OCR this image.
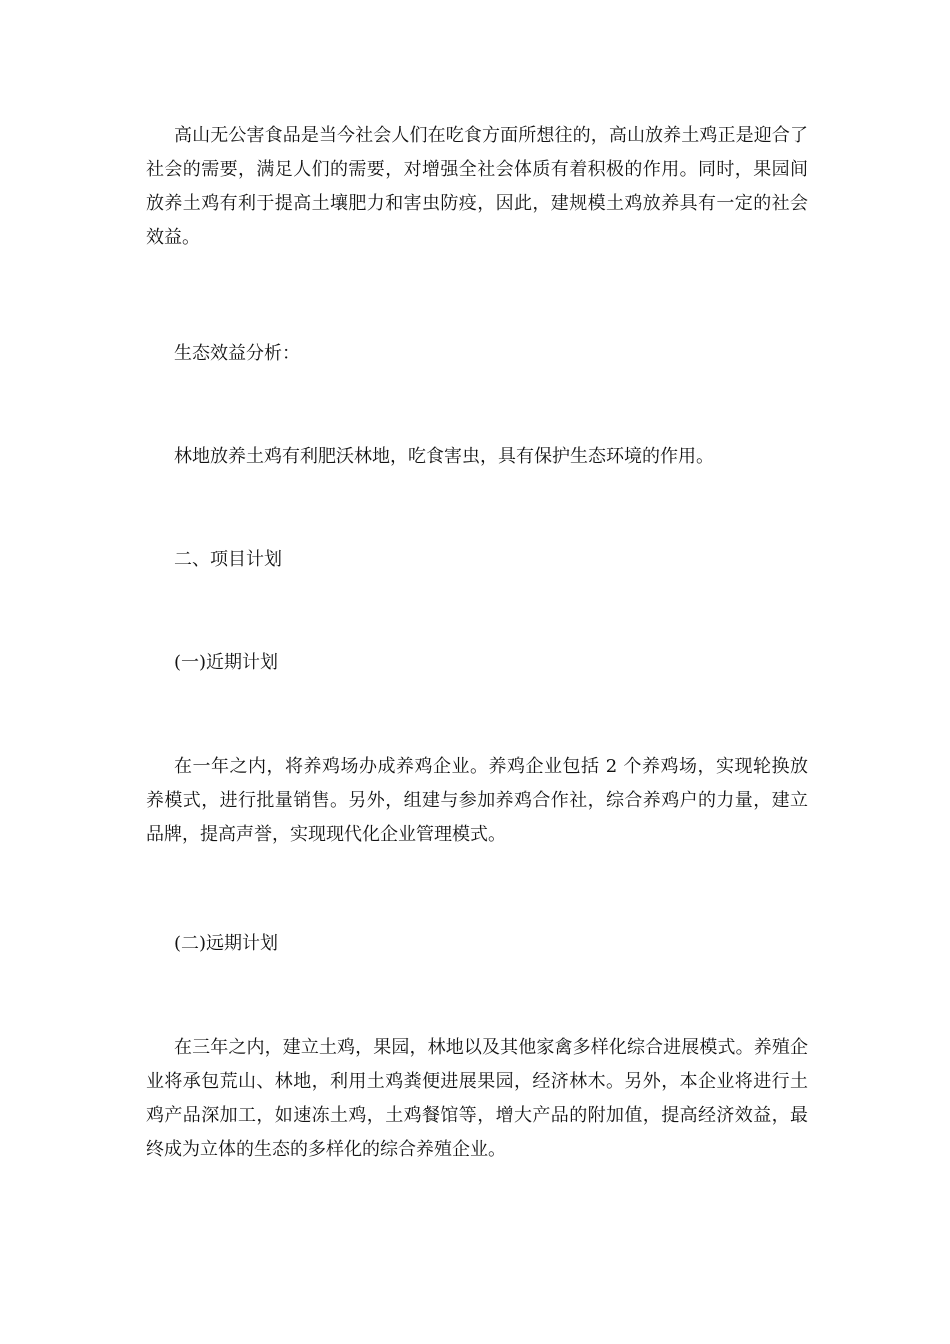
高山无公害食品是当今社会人们在吃食方面所想往的，高山放养土鸡正是迎合了社会的需要，满足人们的需要，对增强全社会体质有着积极的作用。同时，果园间放养土鸡有利于提高土壤肥力和害虫防疫，因此，建规模土鸡放养具有一定的社会效益。

生态效益分析：

林地放养土鸡有利肥沃林地，吃食害虫，具有保护生态环境的作用。

二、项目计划

(一)近期计划

在一年之内，将养鸡场办成养鸡企业。养鸡企业包括 2 个养鸡场，实现轮换放养模式，进行批量销售。另外，组建与参加养鸡合作社，综合养鸡户的力量，建立品牌，提高声誉，实现现代化企业管理模式。

(二)远期计划

在三年之内，建立土鸡，果园，林地以及其他家禽多样化综合进展模式。养殖企业将承包荒山、林地，利用土鸡粪便进展果园，经济林木。另外，本企业将进行土鸡产品深加工，如速冻土鸡，土鸡餐馆等，增大产品的附加值，提高经济效益，最终成为立体的生态的多样化的综合养殖企业。
